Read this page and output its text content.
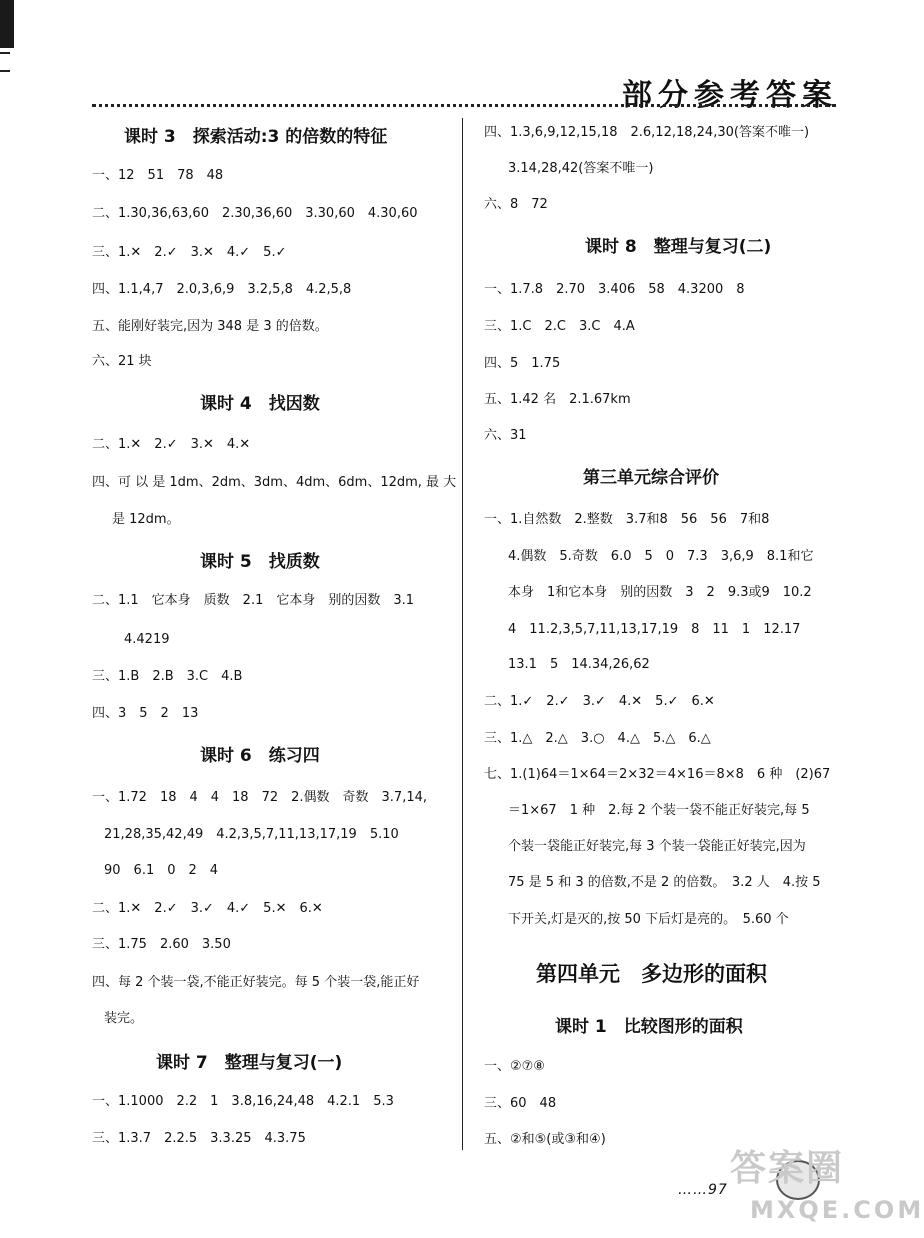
部分参考答案
课时 3　探索活动:3 的倍数的特征
一、12　51　78　48
二、1.30,36,63,60　2.30,36,60　3.30,60　4.30,60
三、1.✕　2.✓　3.✕　4.✓　5.✓
四、1.1,4,7　2.0,3,6,9　3.2,5,8　4.2,5,8
五、能刚好装完,因为 348 是 3 的倍数。
六、21 块
课时 4　找因数
二、1.✕　2.✓　3.✕　4.✕
四、可 以 是 1dm、2dm、3dm、4dm、6dm、12dm, 最 大
是 12dm。
课时 5　找质数
二、1.1　它本身　质数　2.1　它本身　别的因数　3.1
4.4219
三、1.B　2.B　3.C　4.B
四、3　5　2　13
课时 6　练习四
一、1.72　18　4　4　18　72　2.偶数　奇数　3.7,14,
21,28,35,42,49　4.2,3,5,7,11,13,17,19　5.10
90　6.1　0　2　4
二、1.✕　2.✓　3.✓　4.✓　5.✕　6.✕
三、1.75　2.60　3.50
四、每 2 个装一袋,不能正好装完。每 5 个装一袋,能正好
装完。
课时 7　整理与复习(一)
一、1.1000　2.2　1　3.8,16,24,48　4.2.1　5.3
三、1.3.7　2.2.5　3.3.25　4.3.75
四、1.3,6,9,12,15,18　2.6,12,18,24,30(答案不唯一)
3.14,28,42(答案不唯一)
六、8　72
课时 8　整理与复习(二)
一、1.7.8　2.70　3.406　58　4.3200　8
三、1.C　2.C　3.C　4.A
四、5　1.75
五、1.42 名　2.1.67km
六、31
第三单元综合评价
一、1.自然数　2.整数　3.7和8　56　56　7和8
4.偶数　5.奇数　6.0　5　0　7.3　3,6,9　8.1和它
本身　1和它本身　别的因数　3　2　9.3或9　10.2
4　11.2,3,5,7,11,13,17,19　8　11　1　12.17
13.1　5　14.34,26,62
二、1.✓　2.✓　3.✓　4.✕　5.✓　6.✕
三、1.△　2.△　3.○　4.△　5.△　6.△
七、1.(1)64＝1×64＝2×32＝4×16＝8×8　6 种　(2)67
＝1×67　1 种　2.每 2 个装一袋不能正好装完,每 5
个装一袋能正好装完,每 3 个装一袋能正好装完,因为
75 是 5 和 3 的倍数,不是 2 的倍数。　3.2 人　4.按 5
下开关,灯是灭的,按 50 下后灯是亮的。　5.60 个
第四单元　多边形的面积
课时 1　比较图形的面积
一、②⑦⑧
三、60　48
五、②和⑤(或③和④)
……97
答案圈
MXQE.COM
